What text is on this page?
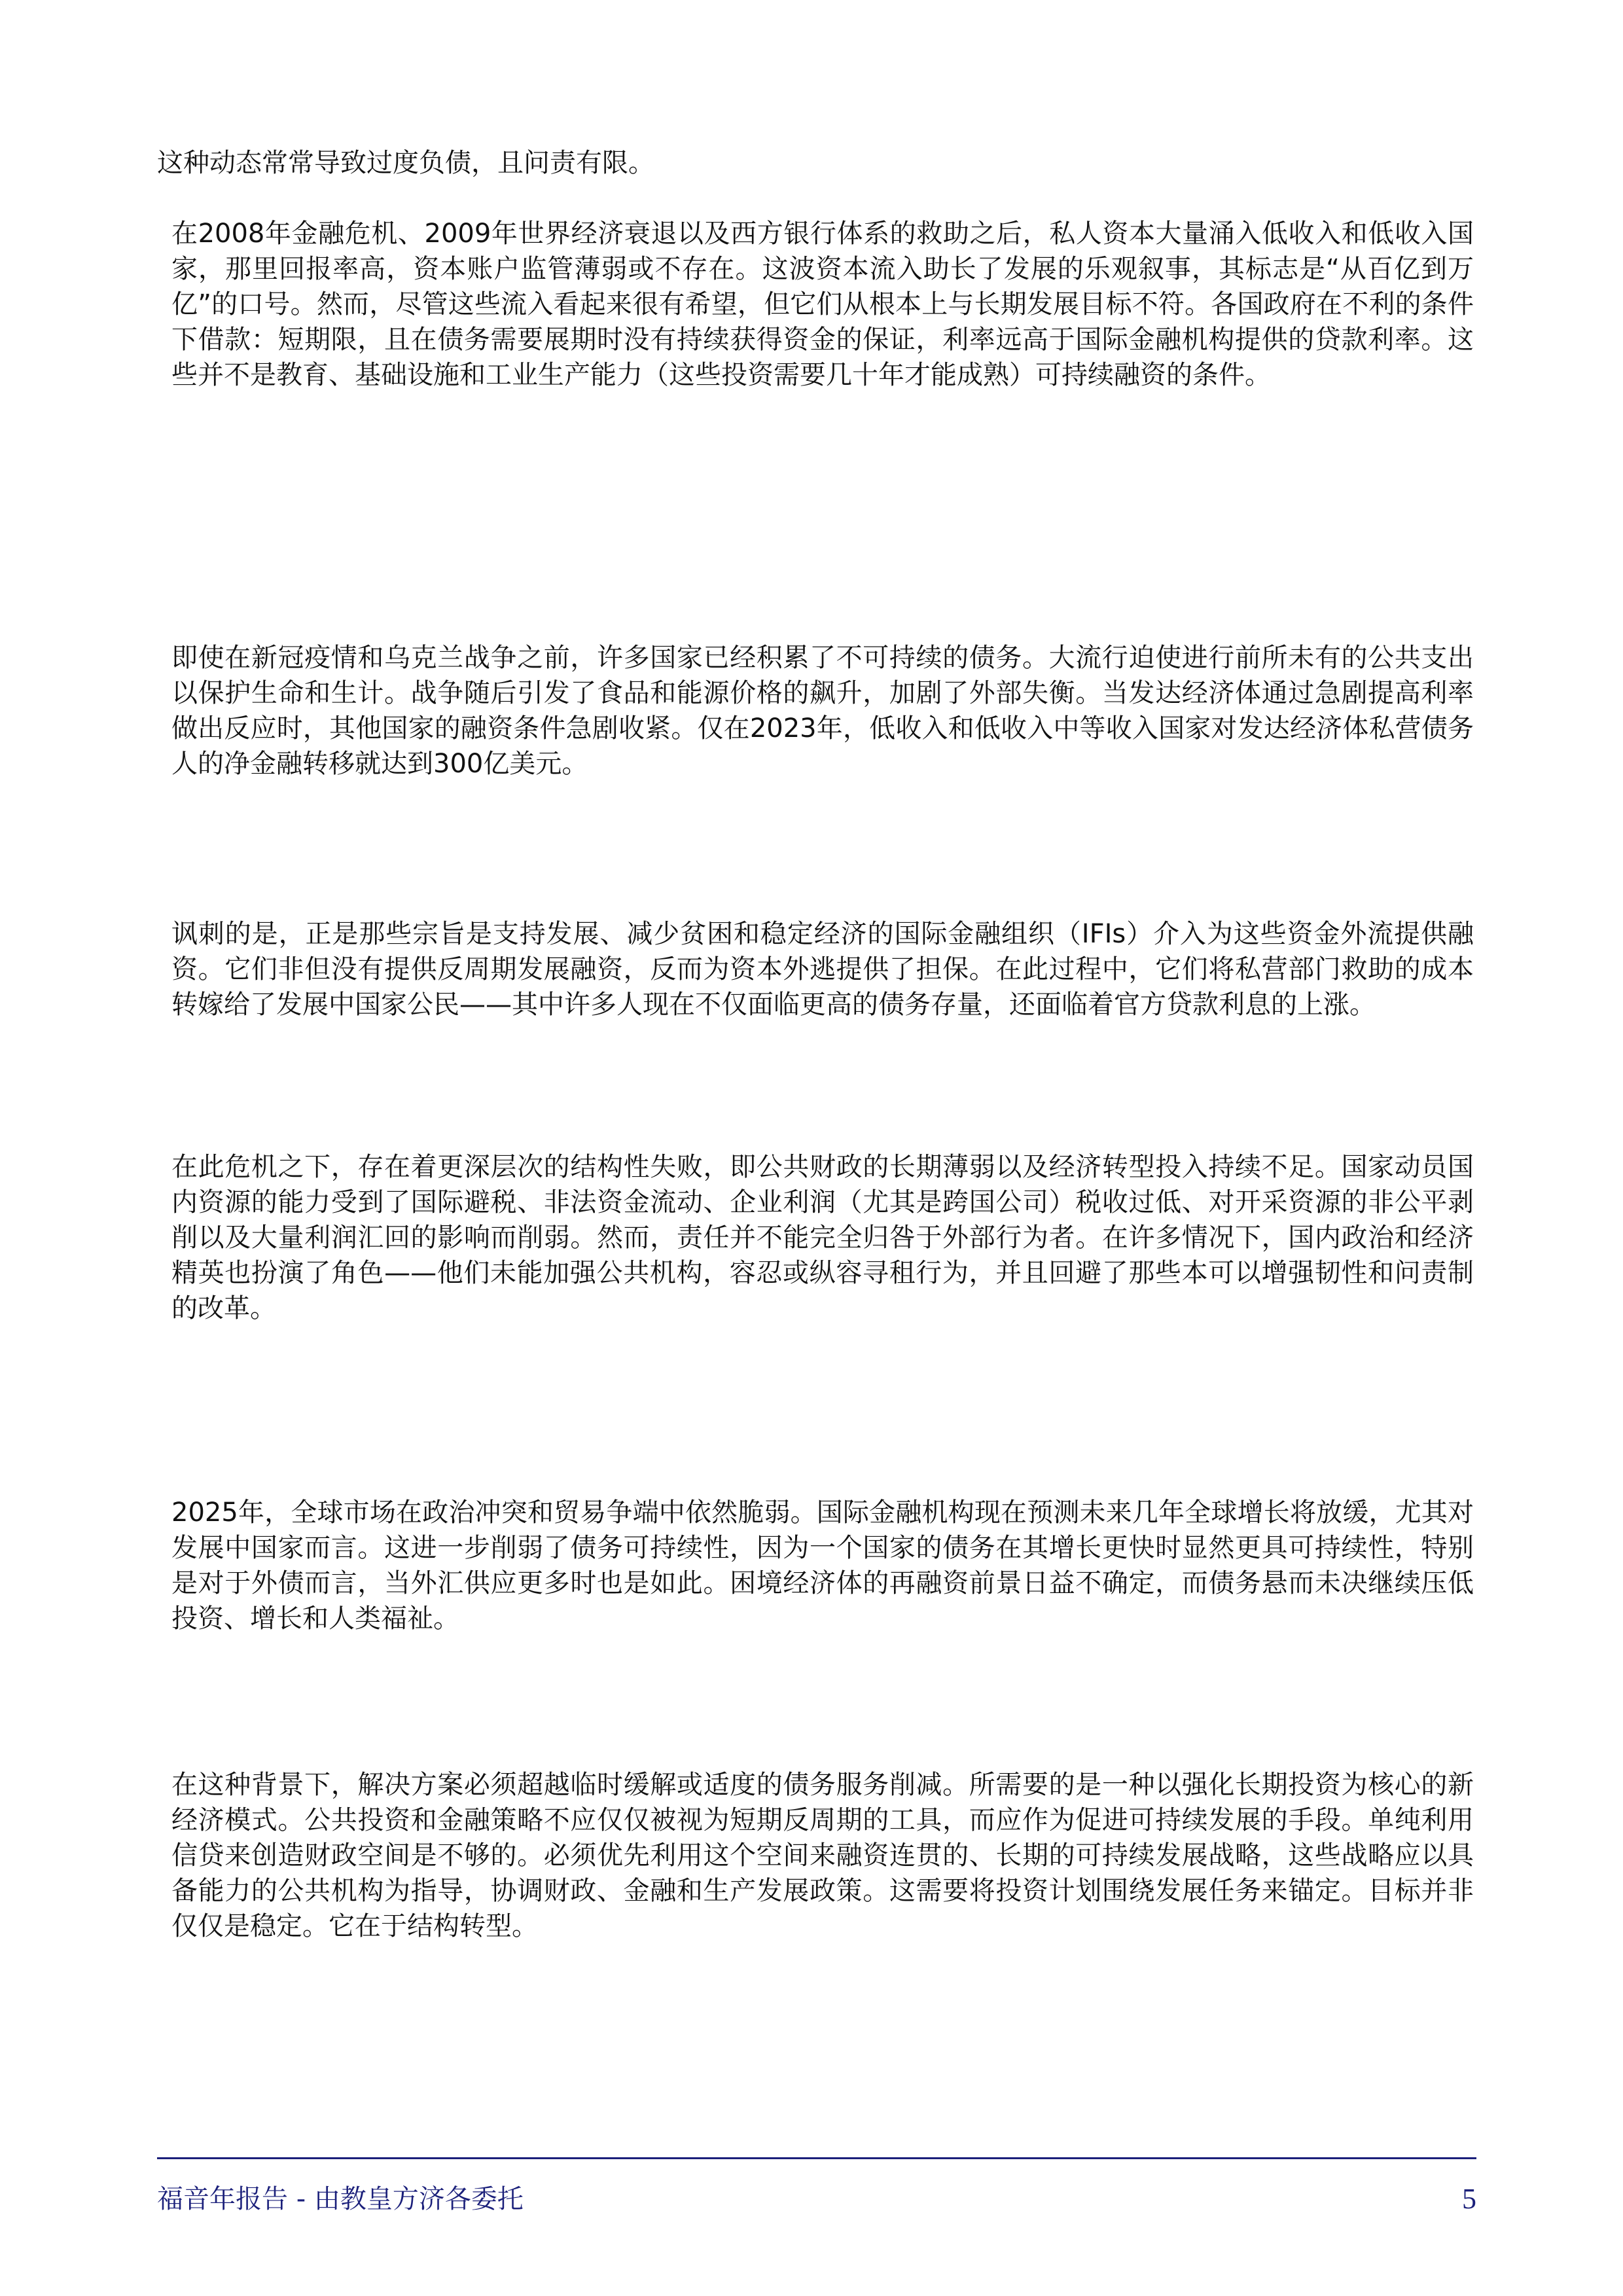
这种动态常常导致过度负债，且问责有限。

在2008年金融危机、2009年世界经济衰退以及西方银行体系的救助之后，私人资本大量涌入低收入和低收入国家，那里回报率高，资本账户监管薄弱或不存在。这波资本流入助长了发展的乐观叙事，其标志是“从百亿到万亿”的口号。然而，尽管这些流入看起来很有希望，但它们从根本上与长期发展目标不符。各国政府在不利的条件下借款：短期限，且在债务需要展期时没有持续获得资金的保证，利率远高于国际金融机构提供的贷款利率。这些并不是教育、基础设施和工业生产能力（这些投资需要几十年才能成熟）可持续融资的条件。

即使在新冠疫情和乌克兰战争之前，许多国家已经积累了不可持续的债务。大流行迫使进行前所未有的公共支出以保护生命和生计。战争随后引发了食品和能源价格的飙升，加剧了外部失衡。当发达经济体通过急剧提高利率做出反应时，其他国家的融资条件急剧收紧。仅在2023年，低收入和低收入中等收入国家对发达经济体私营债务人的净金融转移就达到300亿美元。

讽刺的是，正是那些宗旨是支持发展、减少贫困和稳定经济的国际金融组织（IFIs）介入为这些资金外流提供融资。它们非但没有提供反周期发展融资，反而为资本外逃提供了担保。在此过程中，它们将私营部门救助的成本转嫁给了发展中国家公民——其中许多人现在不仅面临更高的债务存量，还面临着官方贷款利息的上涨。

在此危机之下，存在着更深层次的结构性失败，即公共财政的长期薄弱以及经济转型投入持续不足。国家动员国内资源的能力受到了国际避税、非法资金流动、企业利润（尤其是跨国公司）税收过低、对开采资源的非公平剥削以及大量利润汇回的影响而削弱。然而，责任并不能完全归咎于外部行为者。在许多情况下，国内政治和经济精英也扮演了角色——他们未能加强公共机构，容忍或纵容寻租行为，并且回避了那些本可以增强韧性和问责制的改革。

2025年，全球市场在政治冲突和贸易争端中依然脆弱。国际金融机构现在预测未来几年全球增长将放缓，尤其对发展中国家而言。这进一步削弱了债务可持续性，因为一个国家的债务在其增长更快时显然更具可持续性，特别是对于外债而言，当外汇供应更多时也是如此。困境经济体的再融资前景日益不确定，而债务悬而未决继续压低投资、增长和人类福祉。

在这种背景下，解决方案必须超越临时缓解或适度的债务服务削减。所需要的是一种以强化长期投资为核心的新经济模式。公共投资和金融策略不应仅仅被视为短期反周期的工具，而应作为促进可持续发展的手段。单纯利用信贷来创造财政空间是不够的。必须优先利用这个空间来融资连贯的、长期的可持续发展战略，这些战略应以具备能力的公共机构为指导，协调财政、金融和生产发展政策。这需要将投资计划围绕发展任务来锚定。目标并非仅仅是稳定。它在于结构转型。

福音年报告 - 由教皇方济各委托	5
